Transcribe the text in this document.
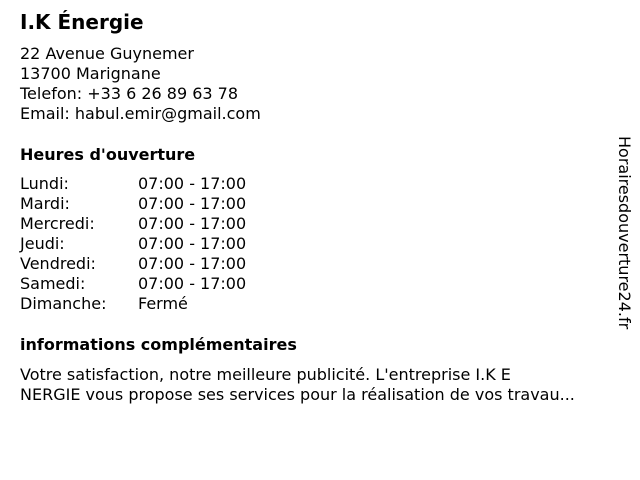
I.K Énergie
22 Avenue Guynemer
13700 Marignane
Telefon: +33 6 26 89 63 78
Email: habul.emir@gmail.com
Heures d'ouverture
Lundi:	07:00 - 17:00
Mardi:	07:00 - 17:00
Mercredi:	07:00 - 17:00
Jeudi:	07:00 - 17:00
Vendredi:	07:00 - 17:00
Samedi:	07:00 - 17:00
Dimanche:	Fermé
informations complémentaires
Votre satisfaction, notre meilleure publicité. L'entreprise I.K E
NERGIE vous propose ses services pour la réalisation de vos travau...
Horairesdouverture24.fr
